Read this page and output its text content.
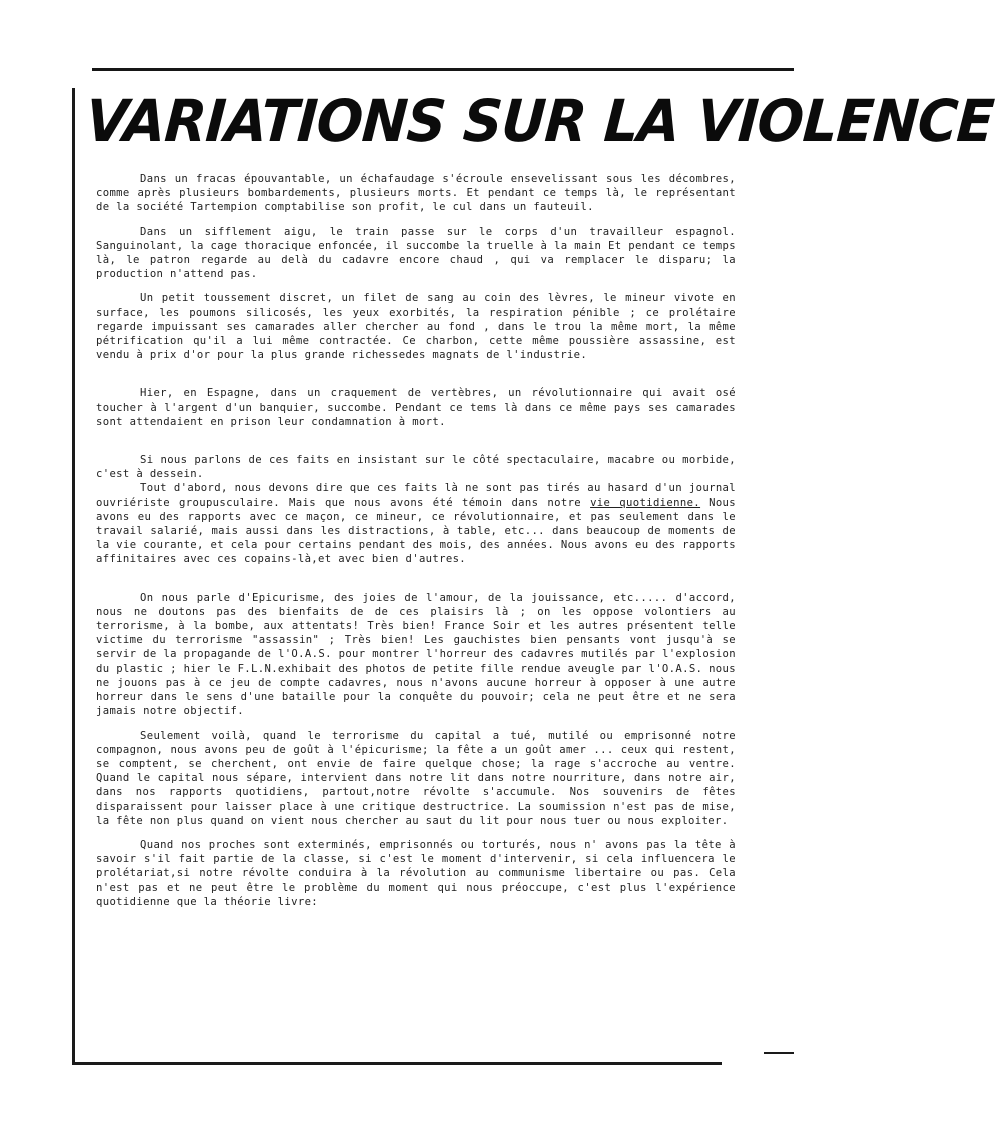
VARIATIONS SUR LA VIOLENCE

Dans un fracas épouvantable, un échafaudage s'écroule ensevelissant sous les décombres, comme après plusieurs bombardements, plusieurs morts. Et pendant ce temps là, le représentant de la société Tartempion comptabilise son profit, le cul dans un fauteuil.

Dans un sifflement aigu, le train passe sur le corps d'un travailleur espagnol. Sanguinolant, la cage thoracique enfoncée, il succombe la truelle à la main Et pendant ce temps là, le patron regarde au delà du cadavre encore chaud , qui va remplacer le disparu; la production n'attend pas.

Un petit toussement discret, un filet de sang au coin des lèvres, le mineur vivote en surface, les poumons silicosés, les yeux exorbités, la respiration pénible ; ce prolétaire regarde impuissant ses camarades aller chercher au fond , dans le trou la même mort, la même pétrification qu'il a lui même contractée. Ce charbon, cette même poussière assassine, est vendu à prix d'or pour la plus grande richessedes magnats de l'industrie.

Hier, en Espagne, dans un craquement de vertèbres, un révolutionnaire qui avait osé toucher à l'argent d'un banquier, succombe. Pendant ce tems là dans ce même pays ses camarades sont attendaient en prison leur condamnation à mort.

Si nous parlons de ces faits en insistant sur le côté spectaculaire, macabre ou morbide, c'est à dessein.

Tout d'abord, nous devons dire que ces faits là ne sont pas tirés au hasard d'un journal ouvriériste groupusculaire. Mais que nous avons été témoin dans notre vie quotidienne. Nous avons eu des rapports avec ce maçon, ce mineur, ce révolutionnaire, et pas seulement dans le travail salarié, mais aussi dans les distractions, à table, etc... dans beaucoup de moments de la vie courante, et cela pour certains pendant des mois, des années. Nous avons eu des rapports affinitaires avec ces copains-là,et avec bien d'autres.

On nous parle d'Epicurisme, des joies de l'amour, de la jouissance, etc..... d'accord, nous ne doutons pas des bienfaits de de ces plaisirs là ; on les oppose volontiers au terrorisme, à la bombe, aux attentats! Très bien! France Soir et les autres présentent telle victime du terrorisme "assassin" ; Très bien! Les gauchistes bien pensants vont jusqu'à se servir de la propagande de l'O.A.S. pour montrer l'horreur des cadavres mutilés par l'explosion du plastic ; hier le F.L.N.exhibait des photos de petite fille rendue aveugle par l'O.A.S. nous ne jouons pas à ce jeu de compte cadavres, nous n'avons aucune horreur à opposer à une autre horreur dans le sens d'une bataille pour la conquête du pouvoir; cela ne peut être et ne sera jamais notre objectif.

Seulement voilà, quand le terrorisme du capital a tué, mutilé ou emprisonné notre compagnon, nous avons peu de goût à l'épicurisme; la fête a un goût amer ... ceux qui restent, se comptent, se cherchent, ont envie de faire quelque chose; la rage s'accroche au ventre. Quand le capital nous sépare, intervient dans notre lit dans notre nourriture, dans notre air, dans nos rapports quotidiens, partout,notre révolte s'accumule. Nos souvenirs de fêtes disparaissent pour laisser place à une critique destructrice. La soumission n'est pas de mise, la fête non plus quand on vient nous chercher au saut du lit pour nous tuer ou nous exploiter.

Quand nos proches sont exterminés, emprisonnés ou torturés, nous n' avons pas la tête à savoir s'il fait partie de la classe, si c'est le moment d'intervenir, si cela influencera le prolétariat,si notre révolte conduira à la révolution au communisme libertaire ou pas. Cela n'est pas et ne peut être le problème du moment qui nous préoccupe, c'est plus l'expérience quotidienne que la théorie livre:
